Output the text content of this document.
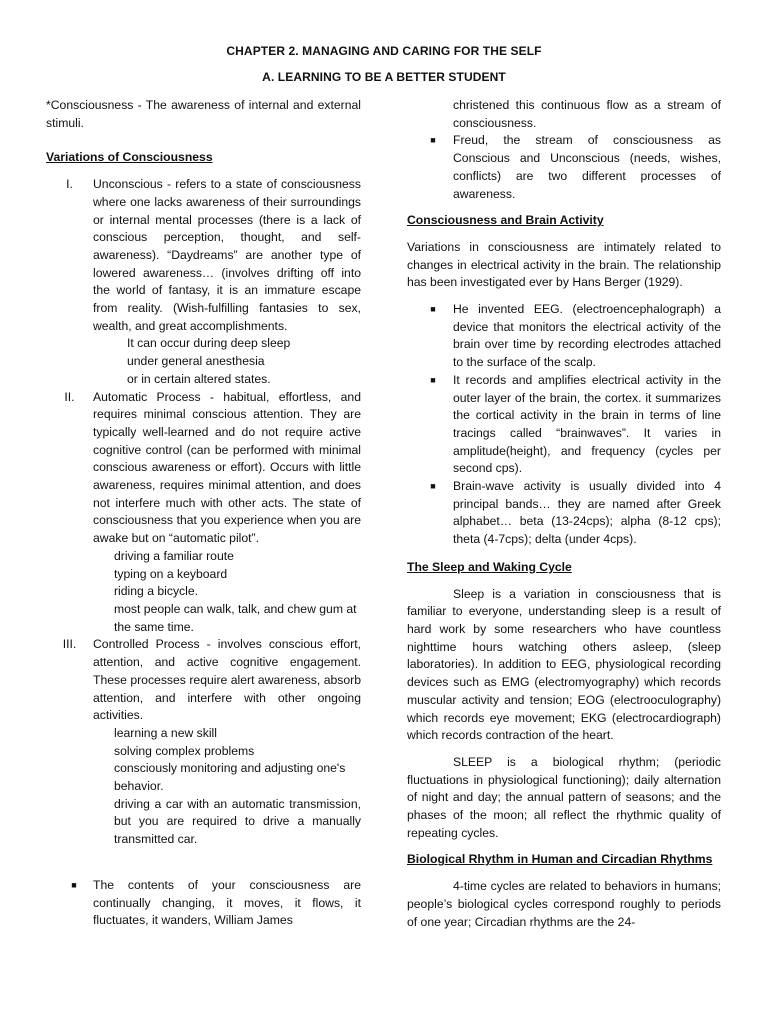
CHAPTER 2. MANAGING AND CARING FOR THE SELF
A. LEARNING TO BE A BETTER STUDENT

*Consciousness - The awareness of internal and external stimuli.

Variations of Consciousness

I.	Unconscious - refers to a state of consciousness where one lacks awareness of their surroundings or internal mental processes (there is a lack of conscious perception, thought, and self-awareness). “Daydreams” are another type of lowered awareness… (involves drifting off into the world of fantasy, it is an immature escape from reality. (Wish-fulfilling fantasies to sex, wealth, and great accomplishments.

It can occur during deep sleep

under general anesthesia

or in certain altered states.

II.	Automatic Process - habitual, effortless, and requires minimal conscious attention. They are typically well-learned and do not require active cognitive control (can be performed with minimal conscious awareness or effort). Occurs with little awareness, requires minimal attention, and does not interfere much with other acts. The state of consciousness that you experience when you are awake but on “automatic pilot”.

driving a familiar route

typing on a keyboard

riding a bicycle.

most people can walk, talk, and chew gum at the same time.

III.	Controlled Process - involves conscious effort, attention, and active cognitive engagement. These processes require alert awareness, absorb attention, and interfere with other ongoing activities.

learning a new skill

solving complex problems

consciously monitoring and adjusting one's behavior.

driving a car with an automatic transmission, but you are required to drive a manually transmitted car.

■	The contents of your consciousness are continually changing, it moves, it flows, it fluctuates, it wanders, William James

christened this continuous flow as a stream of consciousness.

■	Freud, the stream of consciousness as Conscious and Unconscious (needs, wishes, conflicts) are two different processes of awareness.

Consciousness and Brain Activity

Variations in consciousness are intimately related to changes in electrical activity in the brain. The relationship has been investigated ever by Hans Berger (1929).

■	He invented EEG. (electroencephalograph) a device that monitors the electrical activity of the brain over time by recording electrodes attached to the surface of the scalp.
■	It records and amplifies electrical activity in the outer layer of the brain, the cortex. it summarizes the cortical activity in the brain in terms of line tracings called “brainwaves”. It varies in amplitude(height), and frequency (cycles per second cps).
■	Brain-wave activity is usually divided into 4 principal bands… they are named after Greek alphabet… beta (13-24cps); alpha (8-12 cps); theta (4-7cps); delta (under 4cps).

The Sleep and Waking Cycle

Sleep is a variation in consciousness that is familiar to everyone, understanding sleep is a result of hard work by some researchers who have countless nighttime hours watching others asleep, (sleep laboratories). In addition to EEG, physiological recording devices such as EMG (electromyography) which records muscular activity and tension; EOG (electrooculography) which records eye movement; EKG (electrocardiograph) which records contraction of the heart.

SLEEP is a biological rhythm; (periodic fluctuations in physiological functioning); daily alternation of night and day; the annual pattern of seasons; and the phases of the moon; all reflect the rhythmic quality of repeating cycles.

Biological Rhythm in Human and Circadian Rhythms

4-time cycles are related to behaviors in humans; people’s biological cycles correspond roughly to periods of one year; Circadian rhythms are the 24-
